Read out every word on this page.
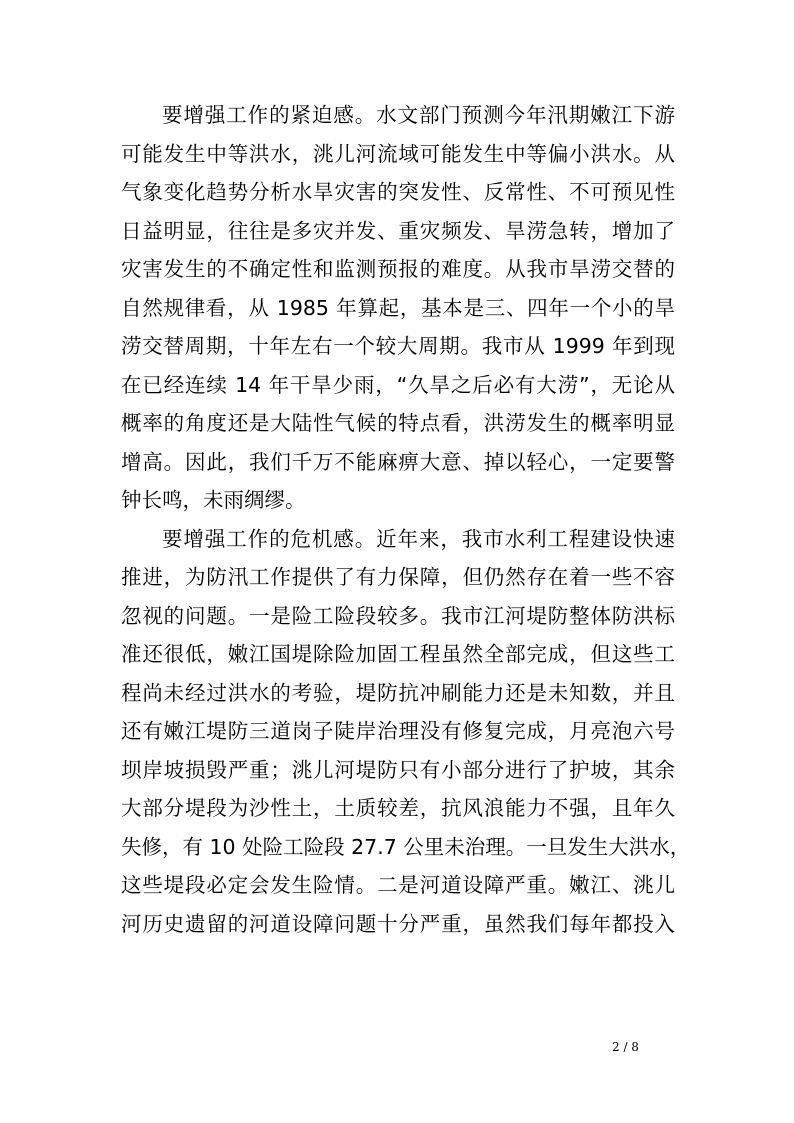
要增强工作的紧迫感。水文部门预测今年汛期嫩江下游
可能发生中等洪水，洮儿河流域可能发生中等偏小洪水。从
气象变化趋势分析水旱灾害的突发性、反常性、不可预见性
日益明显，往往是多灾并发、重灾频发、旱涝急转，增加了
灾害发生的不确定性和监测预报的难度。从我市旱涝交替的
自然规律看，从 1985 年算起，基本是三、四年一个小的旱
涝交替周期，十年左右一个较大周期。我市从 1999 年到现
在已经连续 14 年干旱少雨，“久旱之后必有大涝”，无论从
概率的角度还是大陆性气候的特点看，洪涝发生的概率明显
增高。因此，我们千万不能麻痹大意、掉以轻心，一定要警
钟长鸣，未雨绸缪。

要增强工作的危机感。近年来，我市水利工程建设快速
推进，为防汛工作提供了有力保障，但仍然存在着一些不容
忽视的问题。一是险工险段较多。我市江河堤防整体防洪标
准还很低，嫩江国堤除险加固工程虽然全部完成，但这些工
程尚未经过洪水的考验，堤防抗冲刷能力还是未知数，并且
还有嫩江堤防三道岗子陡岸治理没有修复完成，月亮泡六号
坝岸坡损毁严重；洮儿河堤防只有小部分进行了护坡，其余
大部分堤段为沙性土，土质较差，抗风浪能力不强，且年久
失修，有 10 处险工险段 27.7 公里未治理。一旦发生大洪水，
这些堤段必定会发生险情。二是河道设障严重。嫩江、洮儿
河历史遗留的河道设障问题十分严重，虽然我们每年都投入

2 / 8
